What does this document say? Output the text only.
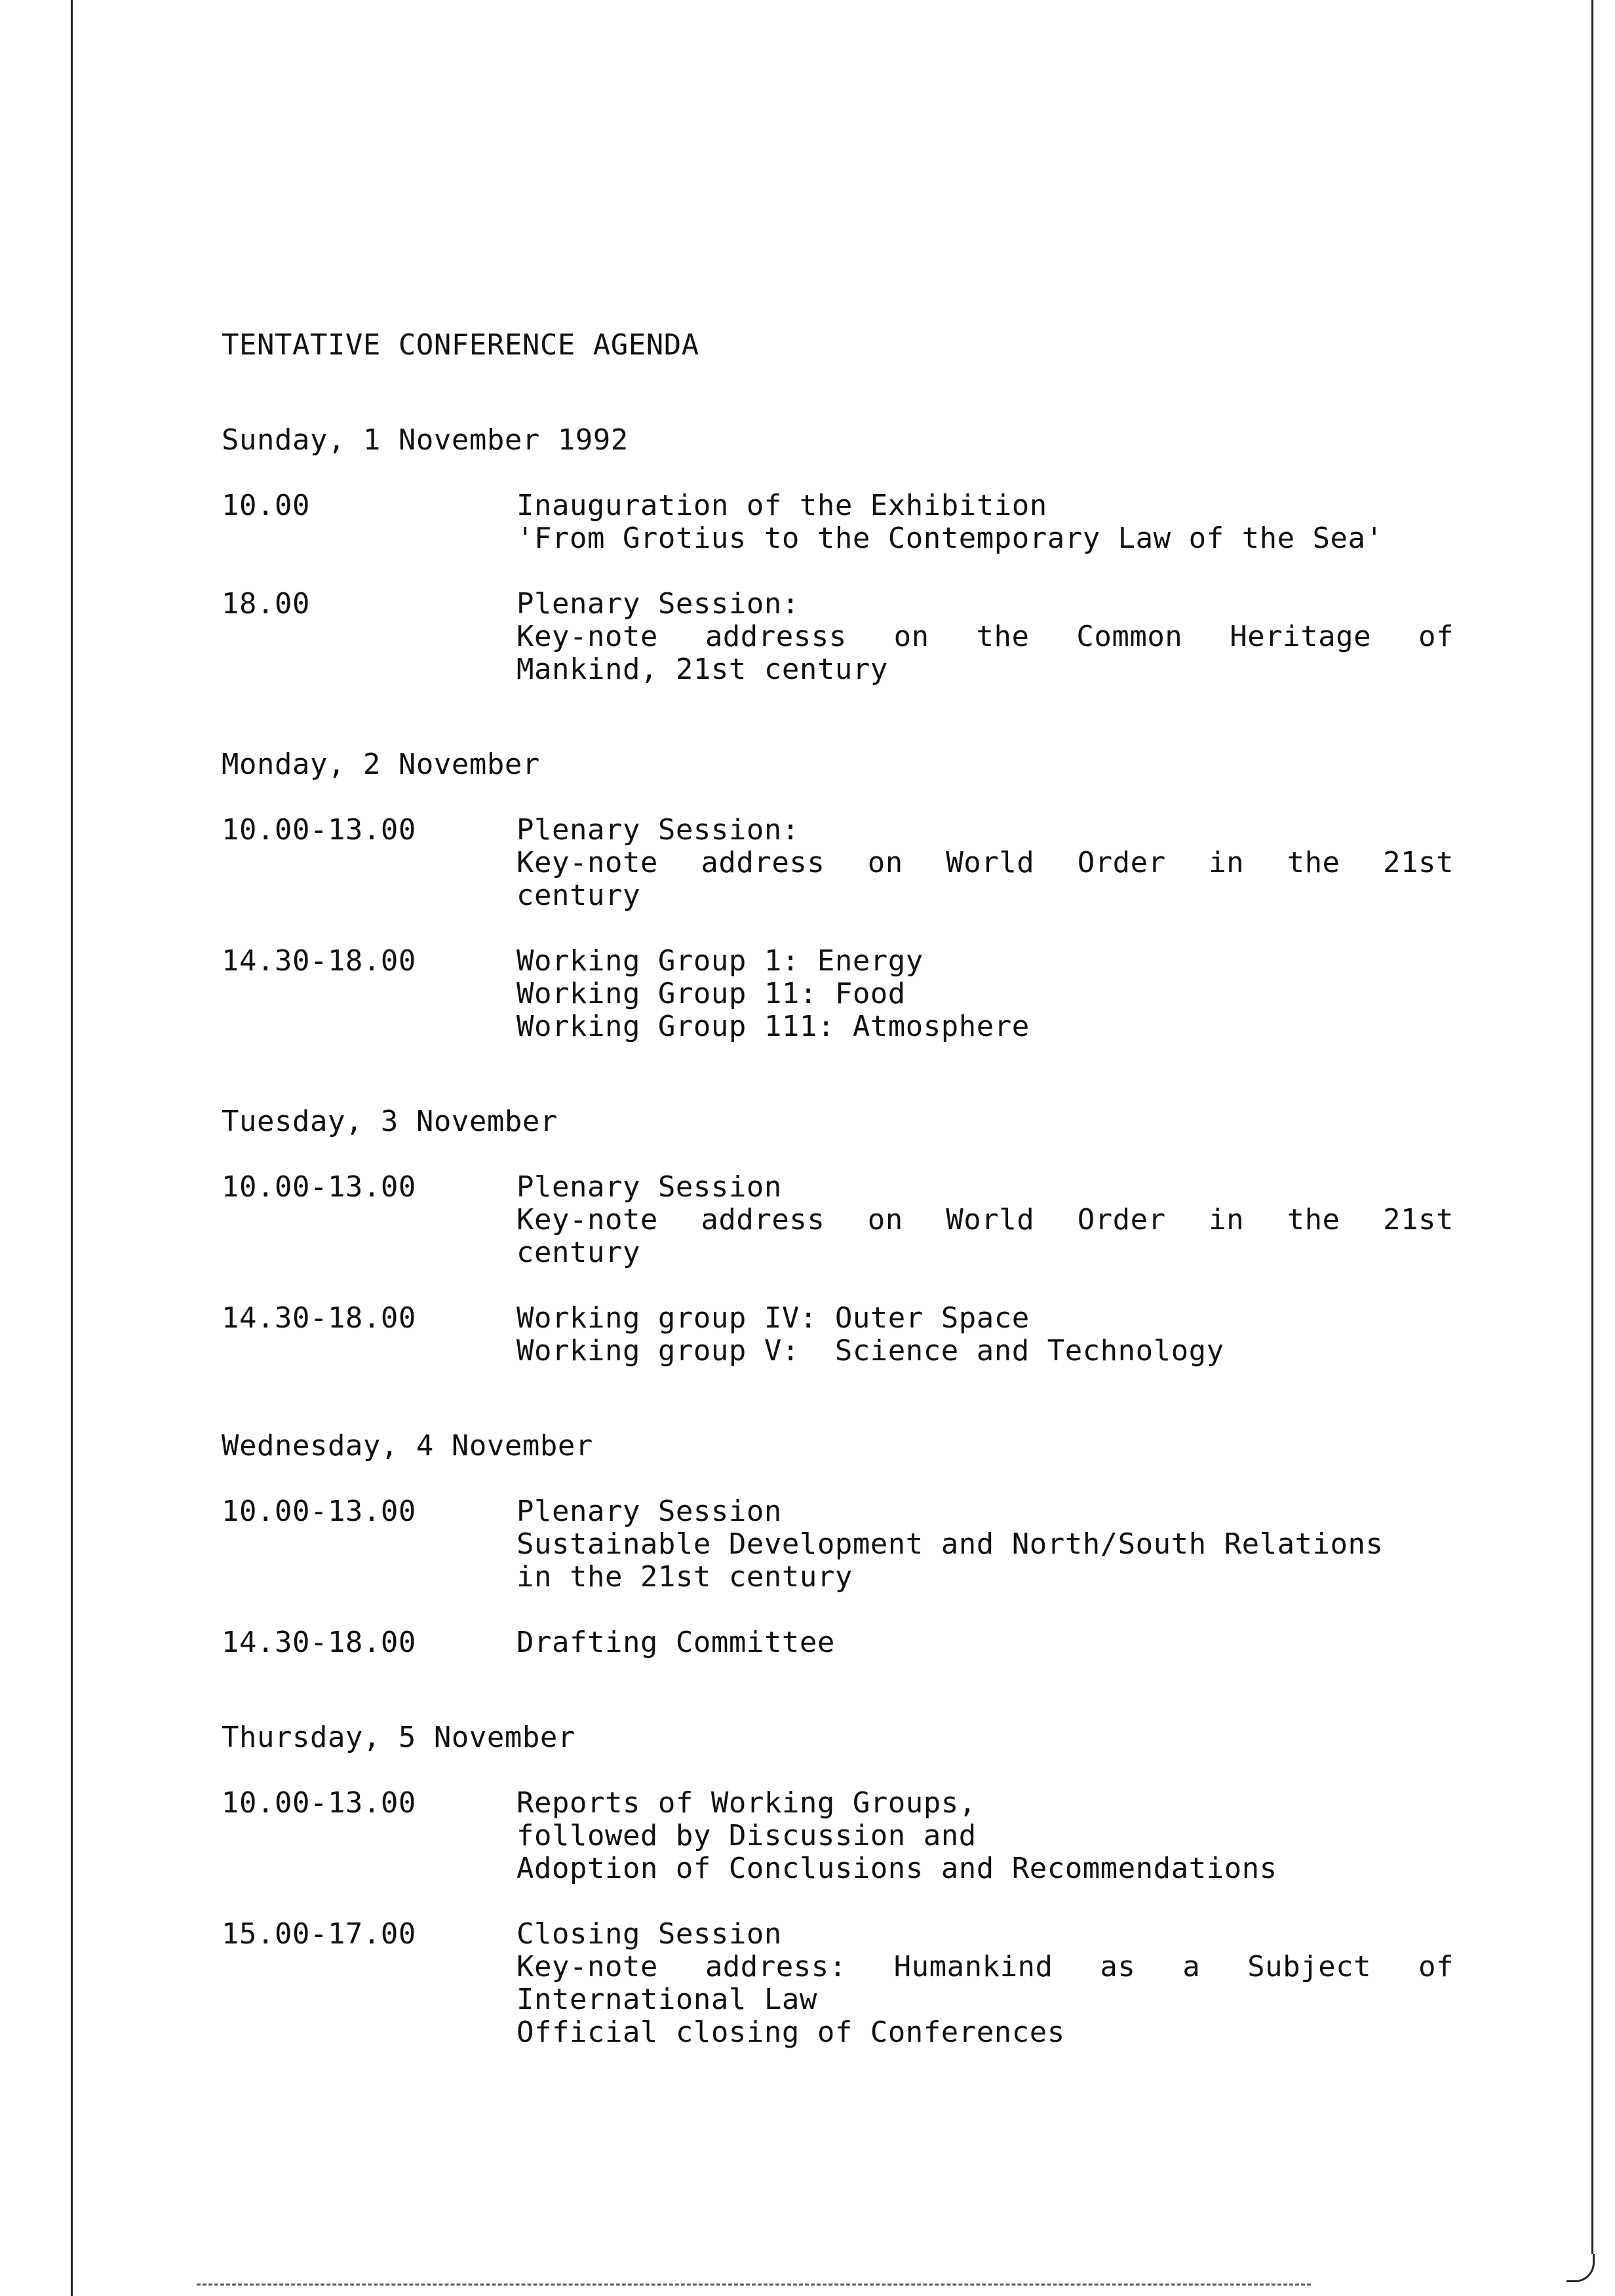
TENTATIVE CONFERENCE AGENDA
Sunday, 1 November 1992
10.00	Inauguration of the Exhibition
'From Grotius to the Contemporary Law of the Sea'
18.00	Plenary Session:
Key-note addresss on the Common Heritage of
Mankind, 21st century
Monday, 2 November
10.00-13.00	Plenary Session:
Key-note address on World Order in the 21st
century
14.30-18.00	Working Group 1: Energy
Working Group 11: Food
Working Group 111: Atmosphere
Tuesday, 3 November
10.00-13.00	Plenary Session
Key-note address on World Order in the 21st
century
14.30-18.00	Working group IV: Outer Space
Working group V:  Science and Technology
Wednesday, 4 November
10.00-13.00	Plenary Session
Sustainable Development and North/South Relations
in the 21st century
14.30-18.00	Drafting Committee
Thursday, 5 November
10.00-13.00	Reports of Working Groups,
followed by Discussion and
Adoption of Conclusions and Recommendations
15.00-17.00	Closing Session
Key-note address: Humankind as a Subject of
International Law
Official closing of Conferences
